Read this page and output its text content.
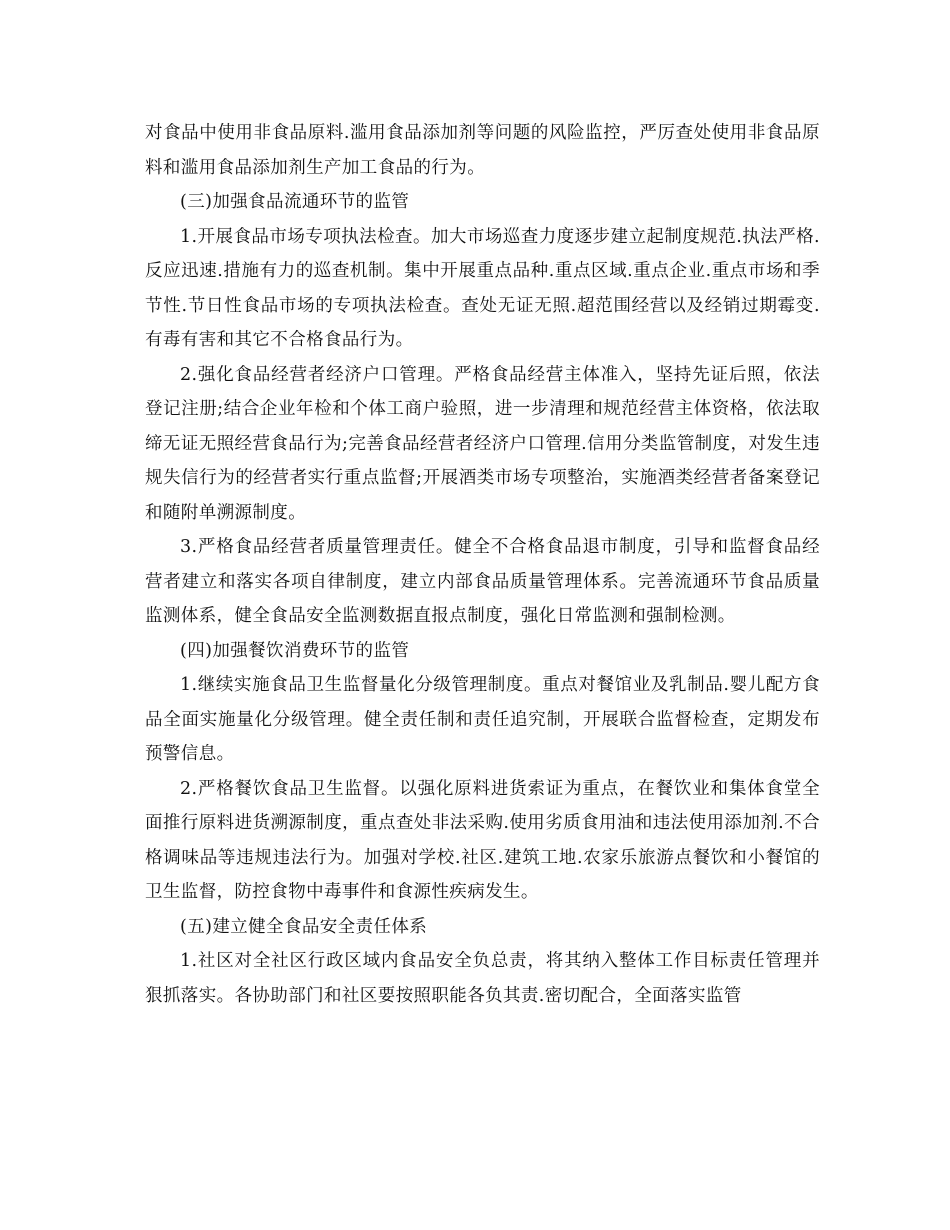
对食品中使用非食品原料.滥用食品添加剂等问题的风险监控，严厉查处使用非食品原料和滥用食品添加剂生产加工食品的行为。

(三)加强食品流通环节的监管

1.开展食品市场专项执法检查。加大市场巡查力度逐步建立起制度规范.执法严格.反应迅速.措施有力的巡查机制。集中开展重点品种.重点区域.重点企业.重点市场和季节性.节日性食品市场的专项执法检查。查处无证无照.超范围经营以及经销过期霉变.有毒有害和其它不合格食品行为。

2.强化食品经营者经济户口管理。严格食品经营主体准入，坚持先证后照，依法登记注册;结合企业年检和个体工商户验照，进一步清理和规范经营主体资格，依法取缔无证无照经营食品行为;完善食品经营者经济户口管理.信用分类监管制度，对发生违规失信行为的经营者实行重点监督;开展酒类市场专项整治，实施酒类经营者备案登记和随附单溯源制度。

3.严格食品经营者质量管理责任。健全不合格食品退市制度，引导和监督食品经营者建立和落实各项自律制度，建立内部食品质量管理体系。完善流通环节食品质量监测体系，健全食品安全监测数据直报点制度，强化日常监测和强制检测。

(四)加强餐饮消费环节的监管

1.继续实施食品卫生监督量化分级管理制度。重点对餐馆业及乳制品.婴儿配方食品全面实施量化分级管理。健全责任制和责任追究制，开展联合监督检查，定期发布预警信息。

2.严格餐饮食品卫生监督。以强化原料进货索证为重点，在餐饮业和集体食堂全面推行原料进货溯源制度，重点查处非法采购.使用劣质食用油和违法使用添加剂.不合格调味品等违规违法行为。加强对学校.社区.建筑工地.农家乐旅游点餐饮和小餐馆的卫生监督，防控食物中毒事件和食源性疾病发生。

(五)建立健全食品安全责任体系

1.社区对全社区行政区域内食品安全负总责，将其纳入整体工作目标责任管理并狠抓落实。各协助部门和社区要按照职能各负其责.密切配合，全面落实监管
